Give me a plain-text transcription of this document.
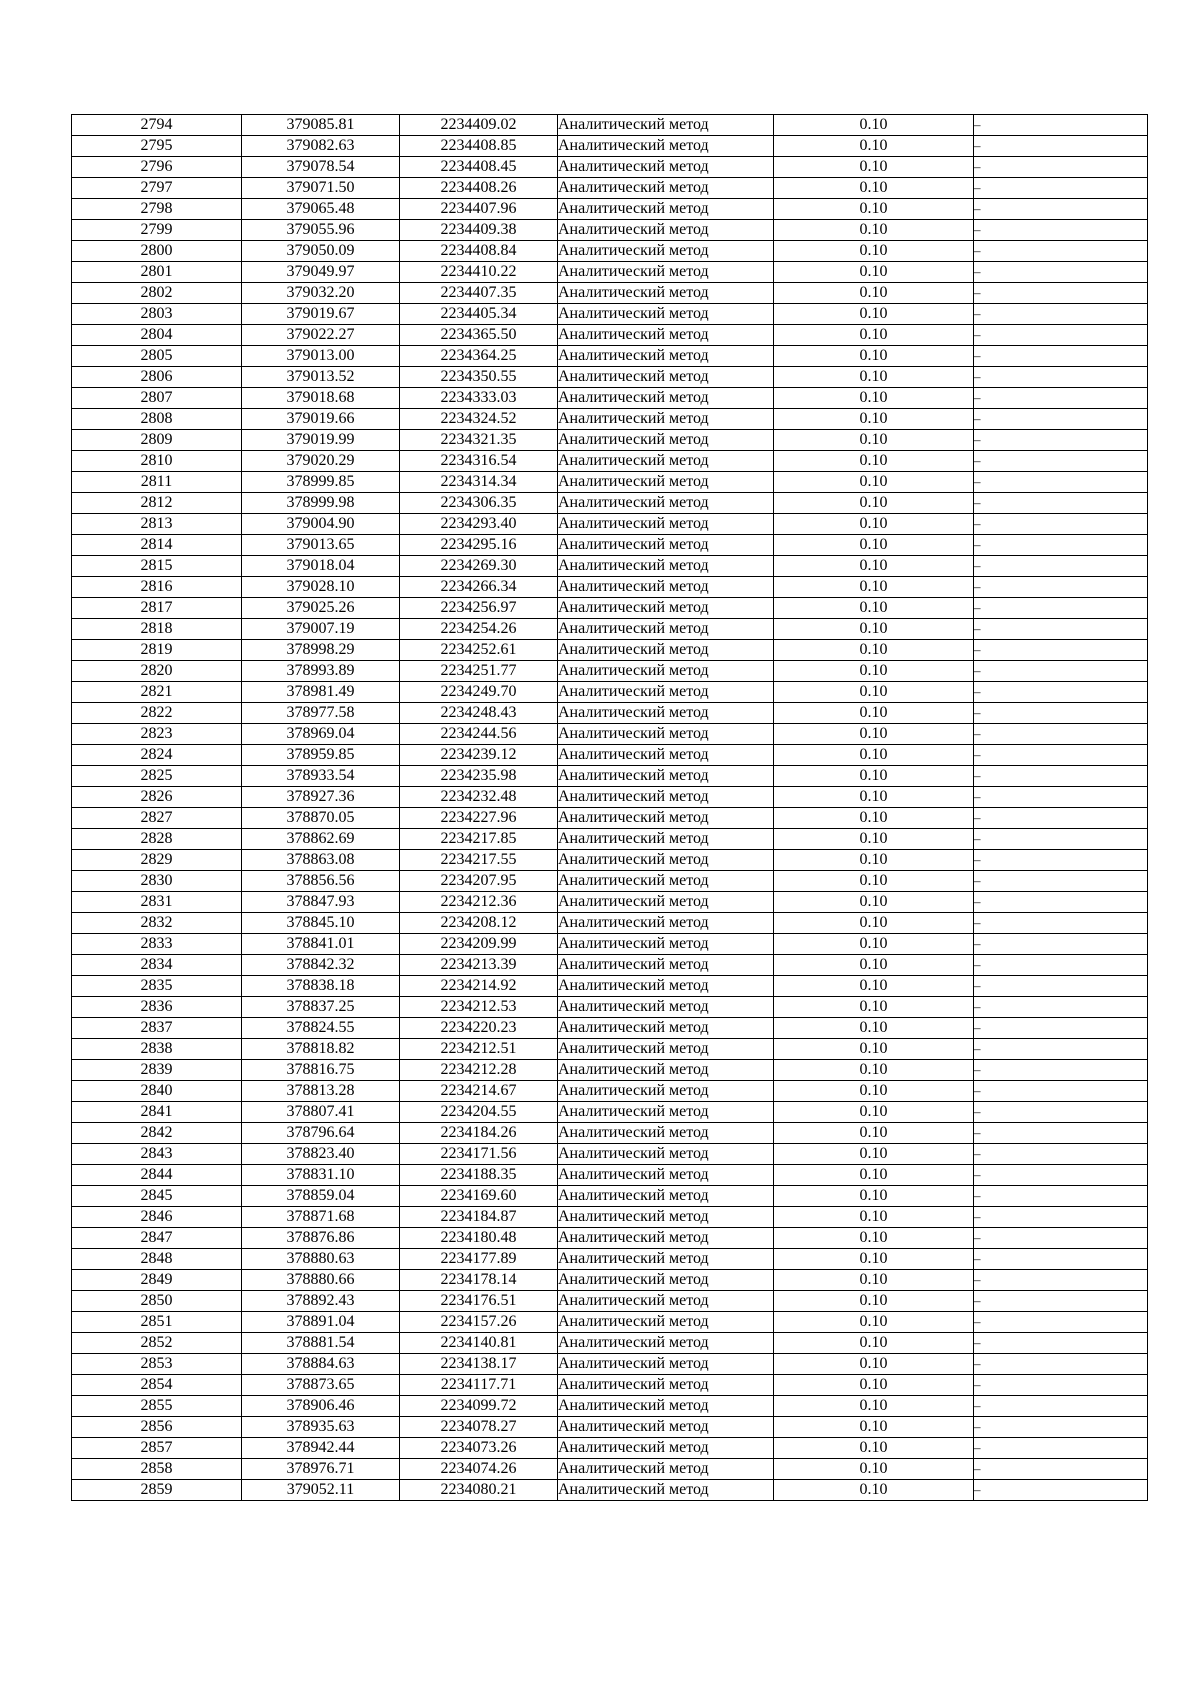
2794	379085.81	2234409.02	Аналитический метод	0.10	–
2795	379082.63	2234408.85	Аналитический метод	0.10	–
2796	379078.54	2234408.45	Аналитический метод	0.10	–
2797	379071.50	2234408.26	Аналитический метод	0.10	–
2798	379065.48	2234407.96	Аналитический метод	0.10	–
2799	379055.96	2234409.38	Аналитический метод	0.10	–
2800	379050.09	2234408.84	Аналитический метод	0.10	–
2801	379049.97	2234410.22	Аналитический метод	0.10	–
2802	379032.20	2234407.35	Аналитический метод	0.10	–
2803	379019.67	2234405.34	Аналитический метод	0.10	–
2804	379022.27	2234365.50	Аналитический метод	0.10	–
2805	379013.00	2234364.25	Аналитический метод	0.10	–
2806	379013.52	2234350.55	Аналитический метод	0.10	–
2807	379018.68	2234333.03	Аналитический метод	0.10	–
2808	379019.66	2234324.52	Аналитический метод	0.10	–
2809	379019.99	2234321.35	Аналитический метод	0.10	–
2810	379020.29	2234316.54	Аналитический метод	0.10	–
2811	378999.85	2234314.34	Аналитический метод	0.10	–
2812	378999.98	2234306.35	Аналитический метод	0.10	–
2813	379004.90	2234293.40	Аналитический метод	0.10	–
2814	379013.65	2234295.16	Аналитический метод	0.10	–
2815	379018.04	2234269.30	Аналитический метод	0.10	–
2816	379028.10	2234266.34	Аналитический метод	0.10	–
2817	379025.26	2234256.97	Аналитический метод	0.10	–
2818	379007.19	2234254.26	Аналитический метод	0.10	–
2819	378998.29	2234252.61	Аналитический метод	0.10	–
2820	378993.89	2234251.77	Аналитический метод	0.10	–
2821	378981.49	2234249.70	Аналитический метод	0.10	–
2822	378977.58	2234248.43	Аналитический метод	0.10	–
2823	378969.04	2234244.56	Аналитический метод	0.10	–
2824	378959.85	2234239.12	Аналитический метод	0.10	–
2825	378933.54	2234235.98	Аналитический метод	0.10	–
2826	378927.36	2234232.48	Аналитический метод	0.10	–
2827	378870.05	2234227.96	Аналитический метод	0.10	–
2828	378862.69	2234217.85	Аналитический метод	0.10	–
2829	378863.08	2234217.55	Аналитический метод	0.10	–
2830	378856.56	2234207.95	Аналитический метод	0.10	–
2831	378847.93	2234212.36	Аналитический метод	0.10	–
2832	378845.10	2234208.12	Аналитический метод	0.10	–
2833	378841.01	2234209.99	Аналитический метод	0.10	–
2834	378842.32	2234213.39	Аналитический метод	0.10	–
2835	378838.18	2234214.92	Аналитический метод	0.10	–
2836	378837.25	2234212.53	Аналитический метод	0.10	–
2837	378824.55	2234220.23	Аналитический метод	0.10	–
2838	378818.82	2234212.51	Аналитический метод	0.10	–
2839	378816.75	2234212.28	Аналитический метод	0.10	–
2840	378813.28	2234214.67	Аналитический метод	0.10	–
2841	378807.41	2234204.55	Аналитический метод	0.10	–
2842	378796.64	2234184.26	Аналитический метод	0.10	–
2843	378823.40	2234171.56	Аналитический метод	0.10	–
2844	378831.10	2234188.35	Аналитический метод	0.10	–
2845	378859.04	2234169.60	Аналитический метод	0.10	–
2846	378871.68	2234184.87	Аналитический метод	0.10	–
2847	378876.86	2234180.48	Аналитический метод	0.10	–
2848	378880.63	2234177.89	Аналитический метод	0.10	–
2849	378880.66	2234178.14	Аналитический метод	0.10	–
2850	378892.43	2234176.51	Аналитический метод	0.10	–
2851	378891.04	2234157.26	Аналитический метод	0.10	–
2852	378881.54	2234140.81	Аналитический метод	0.10	–
2853	378884.63	2234138.17	Аналитический метод	0.10	–
2854	378873.65	2234117.71	Аналитический метод	0.10	–
2855	378906.46	2234099.72	Аналитический метод	0.10	–
2856	378935.63	2234078.27	Аналитический метод	0.10	–
2857	378942.44	2234073.26	Аналитический метод	0.10	–
2858	378976.71	2234074.26	Аналитический метод	0.10	–
2859	379052.11	2234080.21	Аналитический метод	0.10	–
